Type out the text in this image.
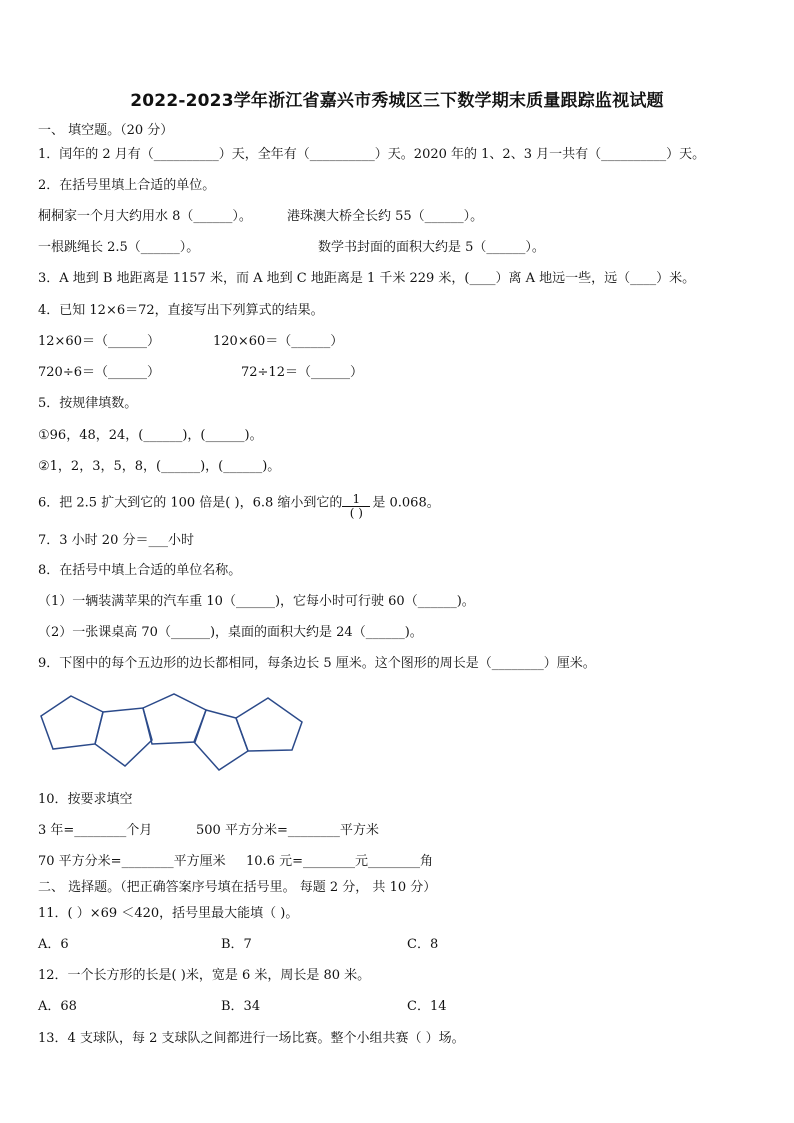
2022-2023学年浙江省嘉兴市秀城区三下数学期末质量跟踪监视试题
一、 填空题。（20 分）
1．闰年的 2 月有（__________）天，全年有（__________）天。2020 年的 1、2、3 月一共有（__________）天。
2．在括号里填上合适的单位。
桐桐家一个月大约用水 8（______）。	港珠澳大桥全长约 55（______）。
一根跳绳长 2.5（______）。	数学书封面的面积大约是 5（______）。
3．A 地到 B 地距离是 1157 米，而 A 地到 C 地距离是 1 千米 229 米，(____）离 A 地远一些，远（____）米。
4．已知 12×6＝72，直接写出下列算式的结果。
12×60＝（______）	120×60＝（______）
720÷6＝（______）	72÷12＝（______）
5．按规律填数。
①96，48，24，(______)，(______)。
②1，2，3，5，8，(______)，(______)。
6．把 2.5 扩大到它的 100 倍是( )，6.8 缩小到它的 $\frac{1}{( )}$ 是 0.068。
7．3 小时 20 分＝___小时
8．在括号中填上合适的单位名称。
（1）一辆装满苹果的汽车重 10（______)，它每小时可行驶 60（______)。
（2）一张课桌高 70（______)，桌面的面积大约是 24（______)。
9．下图中的每个五边形的边长都相同，每条边长 5 厘米。这个图形的周长是（________）厘米。
10．按要求填空
3 年=________个月	500 平方分米=________平方米
70 平方分米=________平方厘米 10.6 元=________元________角
二、 选择题。（把正确答案序号填在括号里。 每题 2 分， 共 10 分）
11．( ）×69 ＜420，括号里最大能填（ )。
A．6	B．7	C．8
12．一个长方形的长是( )米，宽是 6 米，周长是 80 米。
A．68	B．34	C．14
13．4 支球队，每 2 支球队之间都进行一场比赛。整个小组共赛（ ）场。
